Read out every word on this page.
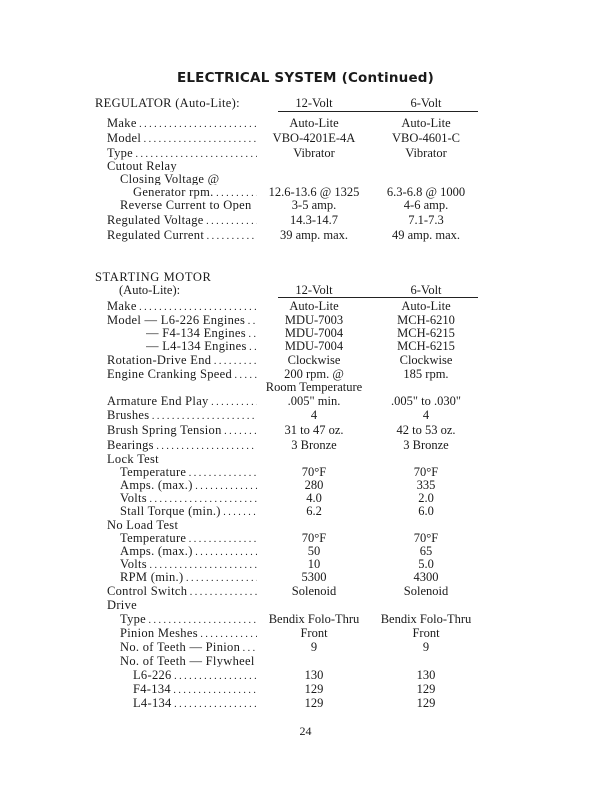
ELECTRICAL SYSTEM (Continued)
REGULATOR (Auto-Lite):	12-Volt	6-Volt
Make . . .	Auto-Lite	Auto-Lite
Model . . .	VBO-4201E-4A	VBO-4601-C
Type . . .	Vibrator	Vibrator
Cutout Relay
Closing Voltage @
Generator rpm. . . .	12.6-13.6 @ 1325	6.3-6.8 @ 1000
Reverse Current to Open	3-5 amp.	4-6 amp.
Regulated Voltage . . .	14.3-14.7	7.1-7.3
Regulated Current . . .	39 amp. max.	49 amp. max.
STARTING MOTOR
(Auto-Lite):	12-Volt	6-Volt
Make . . .	Auto-Lite	Auto-Lite
Model — L6-226 Engines . . .	MDU-7003	MCH-6210
— F4-134 Engines . . .	MDU-7004	MCH-6215
— L4-134 Engines . . .	MDU-7004	MCH-6215
Rotation-Drive End . . .	Clockwise	Clockwise
Engine Cranking Speed . . .	200 rpm. @	185 rpm.
Room Temperature
Armature End Play . . .	.005" min.	.005" to .030"
Brushes . . .	4	4
Brush Spring Tension . . .	31 to 47 oz.	42 to 53 oz.
Bearings . . .	3 Bronze	3 Bronze
Lock Test
Temperature . . .	70°F	70°F
Amps. (max.) . . .	280	335
Volts . . .	4.0	2.0
Stall Torque (min.) . . .	6.2	6.0
No Load Test
Temperature . . .	70°F	70°F
Amps. (max.) . . .	50	65
Volts . . .	10	5.0
RPM (min.) . . .	5300	4300
Control Switch . . .	Solenoid	Solenoid
Drive
Type . . .	Bendix Folo-Thru	Bendix Folo-Thru
Pinion Meshes . . .	Front	Front
No. of Teeth — Pinion . . .	9	9
No. of Teeth — Flywheel
L6-226 . . .	130	130
F4-134 . . .	129	129
L4-134 . . .	129	129
24
